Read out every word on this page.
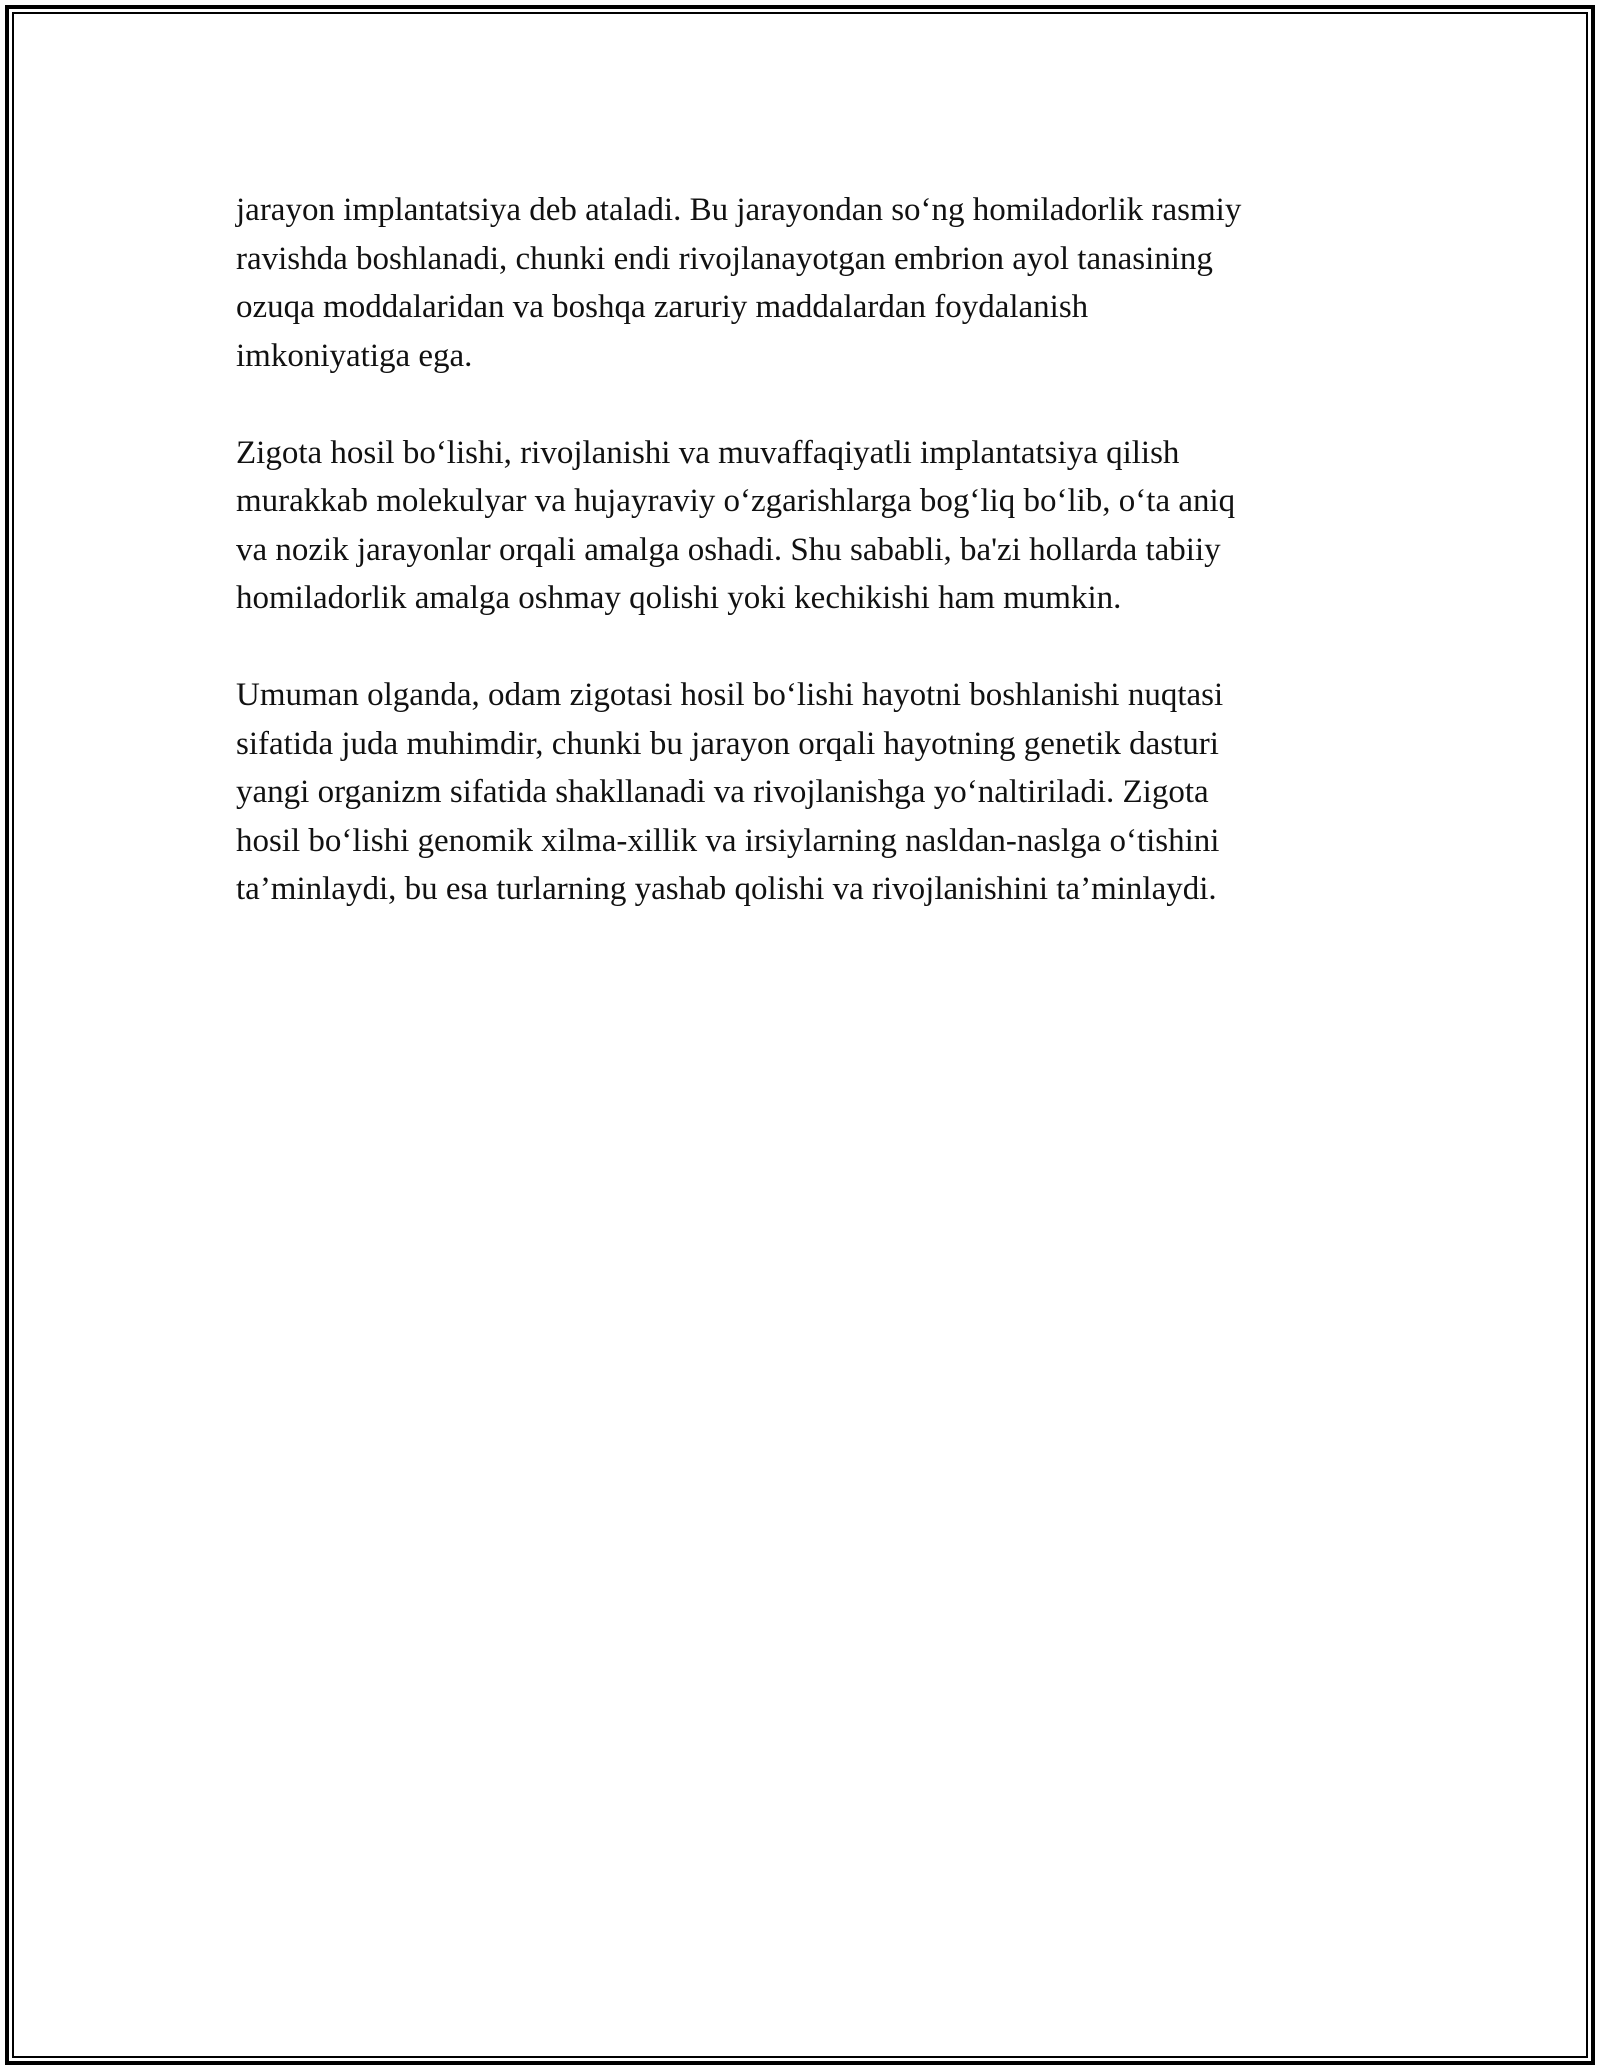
jarayon implantatsiya deb ataladi. Bu jarayondan so‘ng homiladorlik rasmiy
ravishda boshlanadi, chunki endi rivojlanayotgan embrion ayol tanasining
ozuqa moddalaridan va boshqa zaruriy maddalardan foydalanish
imkoniyatiga ega.

Zigota hosil bo‘lishi, rivojlanishi va muvaffaqiyatli implantatsiya qilish
murakkab molekulyar va hujayraviy o‘zgarishlarga bog‘liq bo‘lib, o‘ta aniq
va nozik jarayonlar orqali amalga oshadi. Shu sababli, ba'zi hollarda tabiiy
homiladorlik amalga oshmay qolishi yoki kechikishi ham mumkin.

Umuman olganda, odam zigotasi hosil bo‘lishi hayotni boshlanishi nuqtasi
sifatida juda muhimdir, chunki bu jarayon orqali hayotning genetik dasturi
yangi organizm sifatida shakllanadi va rivojlanishga yo‘naltiriladi. Zigota
hosil bo‘lishi genomik xilma-xillik va irsiylarning nasldan-naslga o‘tishini
ta’minlaydi, bu esa turlarning yashab qolishi va rivojlanishini ta’minlaydi.
